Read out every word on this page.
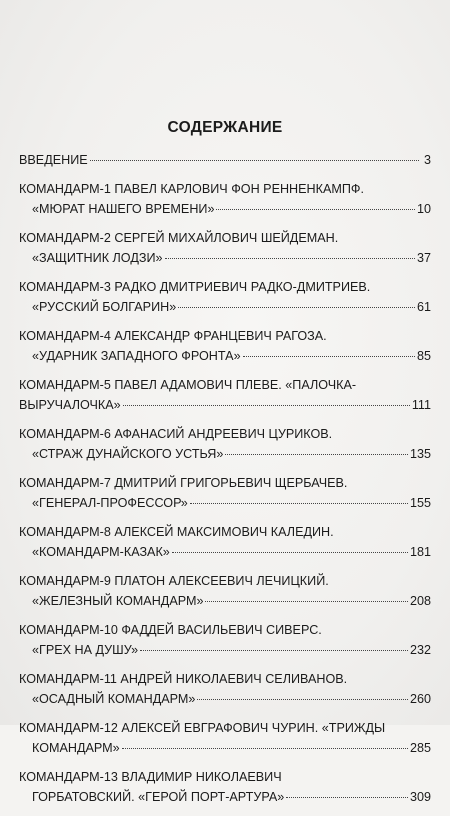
СОДЕРЖАНИЕ
ВВЕДЕНИЕ	3
КОМАНДАРМ-1 ПАВЕЛ КАРЛОВИЧ ФОН РЕННЕНКАМПФ.
«МЮРАТ НАШЕГО ВРЕМЕНИ»	10
КОМАНДАРМ-2 СЕРГЕЙ МИХАЙЛОВИЧ ШЕЙДЕМАН.
«ЗАЩИТНИК ЛОДЗИ»	37
КОМАНДАРМ-3 РАДКО ДМИТРИЕВИЧ РАДКО-ДМИТРИЕВ.
«РУССКИЙ БОЛГАРИН»	61
КОМАНДАРМ-4 АЛЕКСАНДР ФРАНЦЕВИЧ РАГОЗА.
«УДАРНИК ЗАПАДНОГО ФРОНТА»	85
КОМАНДАРМ-5 ПАВЕЛ АДАМОВИЧ ПЛЕВЕ. «ПАЛОЧКА-
ВЫРУЧАЛОЧКА»	111
КОМАНДАРМ-6 АФАНАСИЙ АНДРЕЕВИЧ ЦУРИКОВ.
«СТРАЖ ДУНАЙСКОГО УСТЬЯ»	135
КОМАНДАРМ-7 ДМИТРИЙ ГРИГОРЬЕВИЧ ЩЕРБАЧЕВ.
«ГЕНЕРАЛ-ПРОФЕССОР»	155
КОМАНДАРМ-8 АЛЕКСЕЙ МАКСИМОВИЧ КАЛЕДИН.
«КОМАНДАРМ-КАЗАК»	181
КОМАНДАРМ-9 ПЛАТОН АЛЕКСЕЕВИЧ ЛЕЧИЦКИЙ.
«ЖЕЛЕЗНЫЙ КОМАНДАРМ»	208
КОМАНДАРМ-10 ФАДДЕЙ ВАСИЛЬЕВИЧ СИВЕРС.
«ГРЕХ НА ДУШУ»	232
КОМАНДАРМ-11 АНДРЕЙ НИКОЛАЕВИЧ СЕЛИВАНОВ.
«ОСАДНЫЙ КОМАНДАРМ»	260
КОМАНДАРМ-12 АЛЕКСЕЙ ЕВГРАФОВИЧ ЧУРИН. «ТРИЖДЫ
КОМАНДАРМ»	285
КОМАНДАРМ-13 ВЛАДИМИР НИКОЛАЕВИЧ
ГОРБАТОВСКИЙ. «ГЕРОЙ ПОРТ-АРТУРА»	309
